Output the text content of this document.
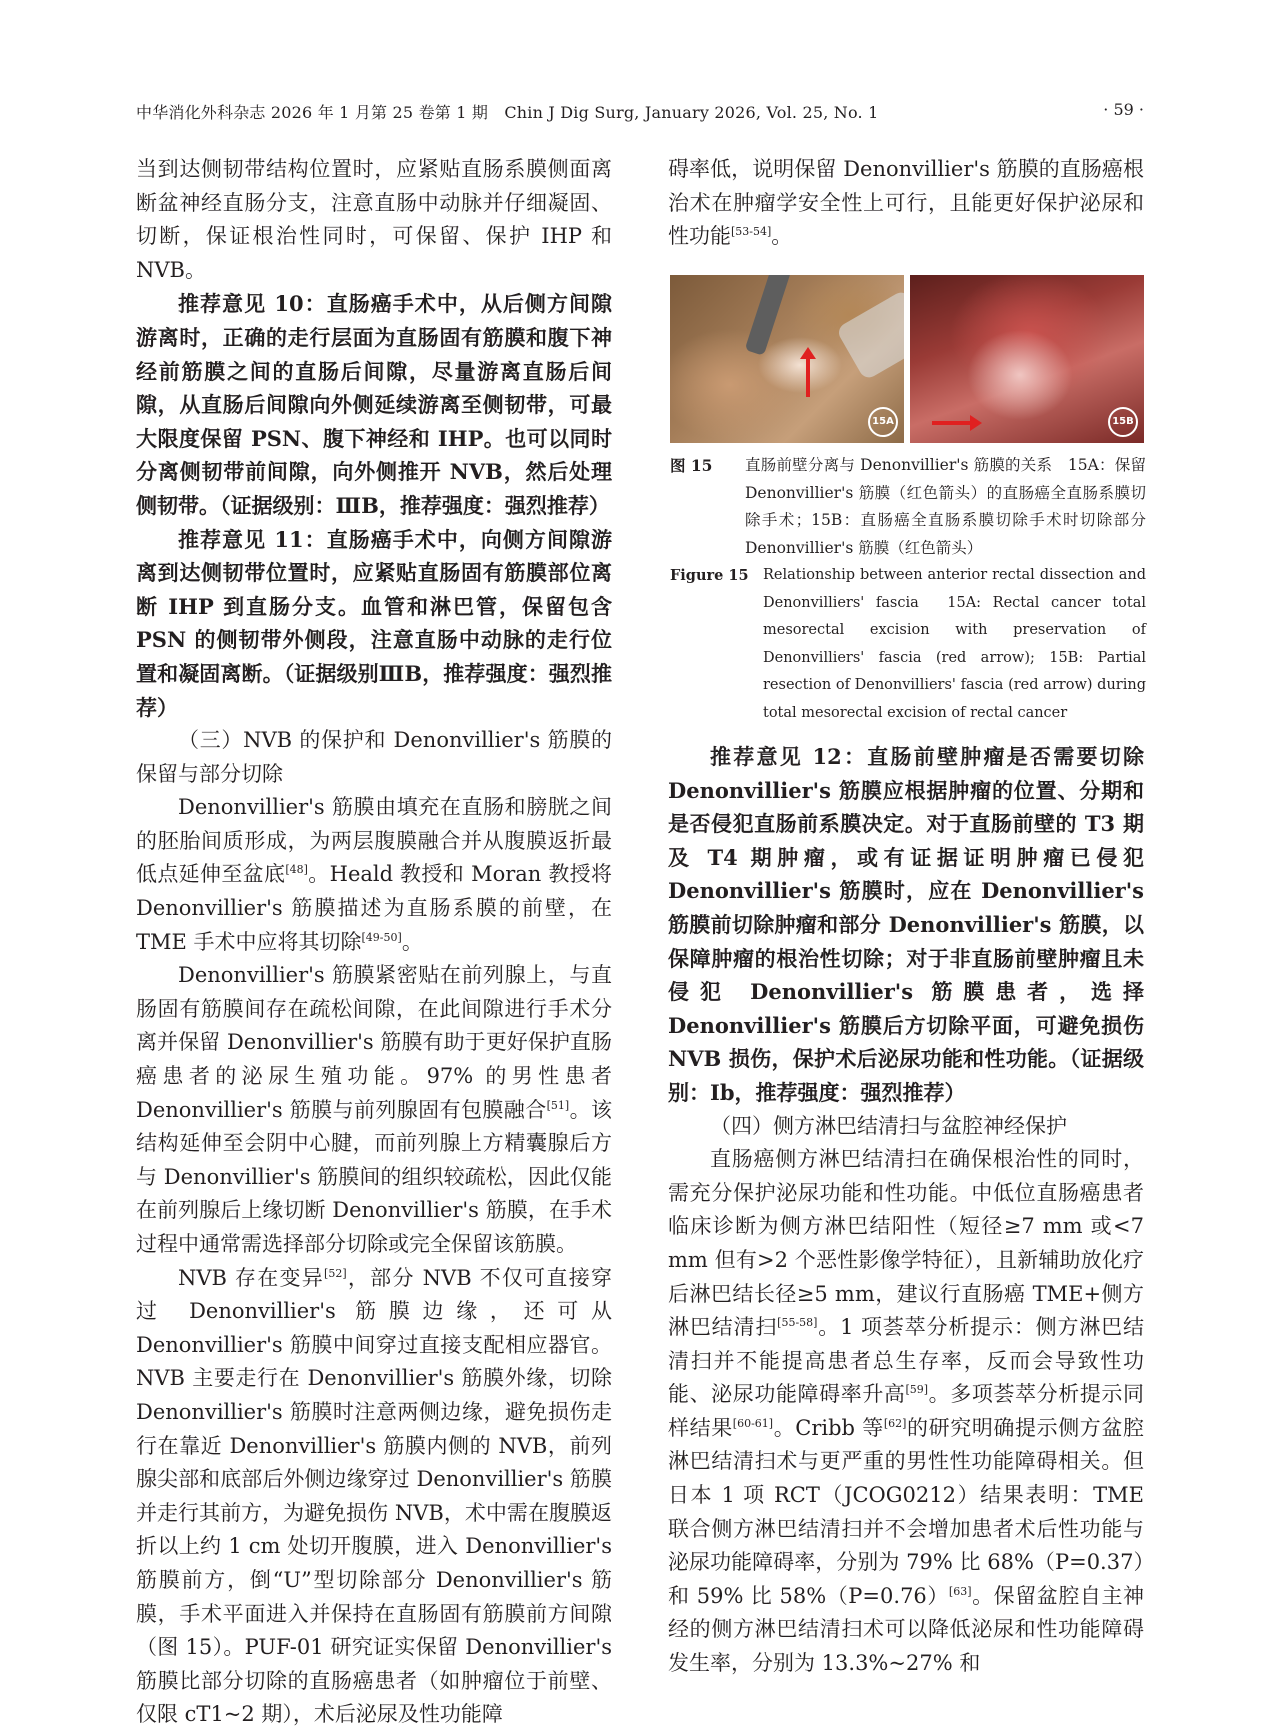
中华消化外科杂志 2026 年 1 月第 25 卷第 1 期　Chin J Dig Surg, January 2026, Vol. 25, No. 1	· 59 ·

当到达侧韧带结构位置时，应紧贴直肠系膜侧面离断盆神经直肠分支，注意直肠中动脉并仔细凝固、切断，保证根治性同时，可保留、保护 IHP 和 NVB。

推荐意见 10：直肠癌手术中，从后侧方间隙游离时，正确的走行层面为直肠固有筋膜和腹下神经前筋膜之间的直肠后间隙，尽量游离直肠后间隙，从直肠后间隙向外侧延续游离至侧韧带，可最大限度保留 PSN、腹下神经和 IHP。也可以同时分离侧韧带前间隙，向外侧推开 NVB，然后处理侧韧带。（证据级别：ⅢB，推荐强度：强烈推荐）

推荐意见 11：直肠癌手术中，向侧方间隙游离到达侧韧带位置时，应紧贴直肠固有筋膜部位离断 IHP 到直肠分支。血管和淋巴管，保留包含 PSN 的侧韧带外侧段，注意直肠中动脉的走行位置和凝固离断。（证据级别ⅢB，推荐强度：强烈推荐）

（三）NVB 的保护和 Denonvillier's 筋膜的保留与部分切除

Denonvillier's 筋膜由填充在直肠和膀胱之间的胚胎间质形成，为两层腹膜融合并从腹膜返折最低点延伸至盆底[48]。Heald 教授和 Moran 教授将 Denonvillier's 筋膜描述为直肠系膜的前壁，在 TME 手术中应将其切除[49-50]。

Denonvillier's 筋膜紧密贴在前列腺上，与直肠固有筋膜间存在疏松间隙，在此间隙进行手术分离并保留 Denonvillier's 筋膜有助于更好保护直肠癌患者的泌尿生殖功能。97% 的男性患者 Denonvillier's 筋膜与前列腺固有包膜融合[51]。该结构延伸至会阴中心腱，而前列腺上方精囊腺后方与 Denonvillier's 筋膜间的组织较疏松，因此仅能在前列腺后上缘切断 Denonvillier's 筋膜，在手术过程中通常需选择部分切除或完全保留该筋膜。

NVB 存在变异[52]，部分 NVB 不仅可直接穿过 Denonvillier's 筋膜边缘，还可从 Denonvillier's 筋膜中间穿过直接支配相应器官。NVB 主要走行在 Denonvillier's 筋膜外缘，切除 Denonvillier's 筋膜时注意两侧边缘，避免损伤走行在靠近 Denonvillier's 筋膜内侧的 NVB，前列腺尖部和底部后外侧边缘穿过 Denonvillier's 筋膜并走行其前方，为避免损伤 NVB，术中需在腹膜返折以上约 1 cm 处切开腹膜，进入 Denonvillier's 筋膜前方，倒“U”型切除部分 Denonvillier's 筋膜，手术平面进入并保持在直肠固有筋膜前方间隙（图 15）。PUF-01 研究证实保留 Denonvillier's 筋膜比部分切除的直肠癌患者（如肿瘤位于前壁、仅限 cT1~2 期），术后泌尿及性功能障

碍率低，说明保留 Denonvillier's 筋膜的直肠癌根治术在肿瘤学安全性上可行，且能更好保护泌尿和性功能[53-54]。

15A	15B
图 15 直肠前壁分离与 Denonvillier's 筋膜的关系　15A：保留 Denonvillier's 筋膜（红色箭头）的直肠癌全直肠系膜切除手术；15B：直肠癌全直肠系膜切除手术时切除部分 Denonvillier's 筋膜（红色箭头）
Figure 15 Relationship between anterior rectal dissection and Denonvilliers' fascia　15A: Rectal cancer total mesorectal excision with preservation of Denonvilliers' fascia (red arrow); 15B: Partial resection of Denonvilliers' fascia (red arrow) during total mesorectal excision of rectal cancer

推荐意见 12：直肠前壁肿瘤是否需要切除 Denonvillier's 筋膜应根据肿瘤的位置、分期和是否侵犯直肠前系膜决定。对于直肠前壁的 T3 期及 T4 期肿瘤，或有证据证明肿瘤已侵犯 Denonvillier's 筋膜时，应在 Denonvillier's 筋膜前切除肿瘤和部分 Denonvillier's 筋膜，以保障肿瘤的根治性切除；对于非直肠前壁肿瘤且未侵犯 Denonvillier's 筋膜患者，选择 Denonvillier's 筋膜后方切除平面，可避免损伤 NVB 损伤，保护术后泌尿功能和性功能。（证据级别：Ⅰb，推荐强度：强烈推荐）

（四）侧方淋巴结清扫与盆腔神经保护

直肠癌侧方淋巴结清扫在确保根治性的同时，需充分保护泌尿功能和性功能。中低位直肠癌患者临床诊断为侧方淋巴结阳性（短径≥7 mm 或<7 mm 但有>2 个恶性影像学特征），且新辅助放化疗后淋巴结长径≥5 mm，建议行直肠癌 TME+侧方淋巴结清扫[55-58]。1 项荟萃分析提示：侧方淋巴结清扫并不能提高患者总生存率，反而会导致性功能、泌尿功能障碍率升高[59]。多项荟萃分析提示同样结果[60-61]。Cribb 等[62]的研究明确提示侧方盆腔淋巴结清扫术与更严重的男性性功能障碍相关。但日本 1 项 RCT（JCOG0212）结果表明：TME 联合侧方淋巴结清扫并不会增加患者术后性功能与泌尿功能障碍率，分别为 79% 比 68%（P=0.37）和 59% 比 58%（P=0.76）[63]。保留盆腔自主神经的侧方淋巴结清扫术可以降低泌尿和性功能障碍发生率，分别为 13.3%~27% 和
